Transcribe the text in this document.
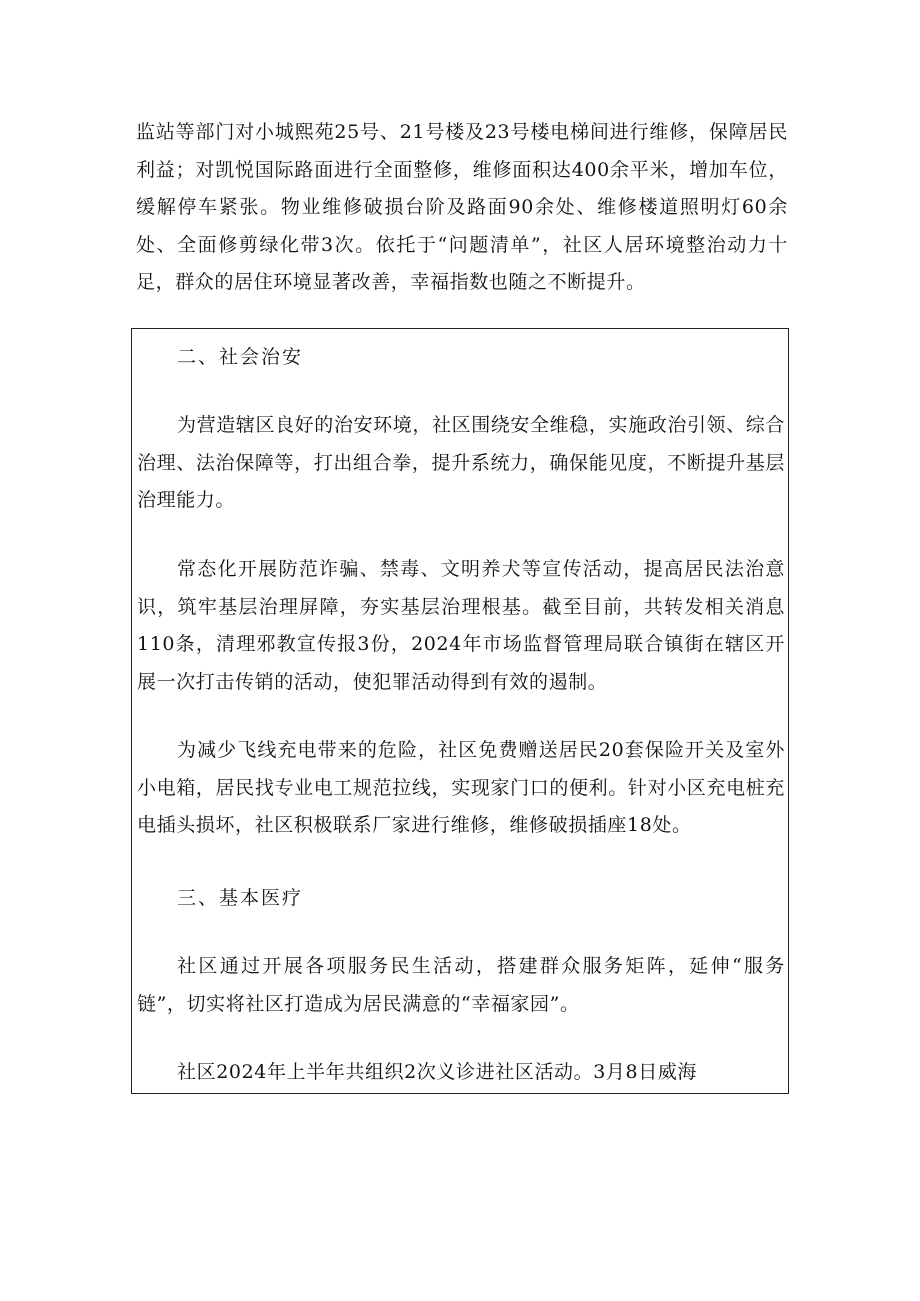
监站等部门对小城熙苑25号、21号楼及23号楼电梯间进行维修，保障居民利益；对凯悦国际路面进行全面整修，维修面积达400余平米，增加车位，缓解停车紧张。物业维修破损台阶及路面90余处、维修楼道照明灯60余处、全面修剪绿化带3次。依托于“问题清单”，社区人居环境整治动力十足，群众的居住环境显著改善，幸福指数也随之不断提升。

二、社会治安

为营造辖区良好的治安环境，社区围绕安全维稳，实施政治引领、综合治理、法治保障等，打出组合拳，提升系统力，确保能见度，不断提升基层治理能力。

常态化开展防范诈骗、禁毒、文明养犬等宣传活动，提高居民法治意识，筑牢基层治理屏障，夯实基层治理根基。截至目前，共转发相关消息110条，清理邪教宣传报3份，2024年市场监督管理局联合镇街在辖区开展一次打击传销的活动，使犯罪活动得到有效的遏制。

为减少飞线充电带来的危险，社区免费赠送居民20套保险开关及室外小电箱，居民找专业电工规范拉线，实现家门口的便利。针对小区充电桩充电插头损坏，社区积极联系厂家进行维修，维修破损插座18处。

三、基本医疗

社区通过开展各项服务民生活动，搭建群众服务矩阵，延伸“服务链”，切实将社区打造成为居民满意的“幸福家园”。

社区2024年上半年共组织2次义诊进社区活动。3月8日威海
